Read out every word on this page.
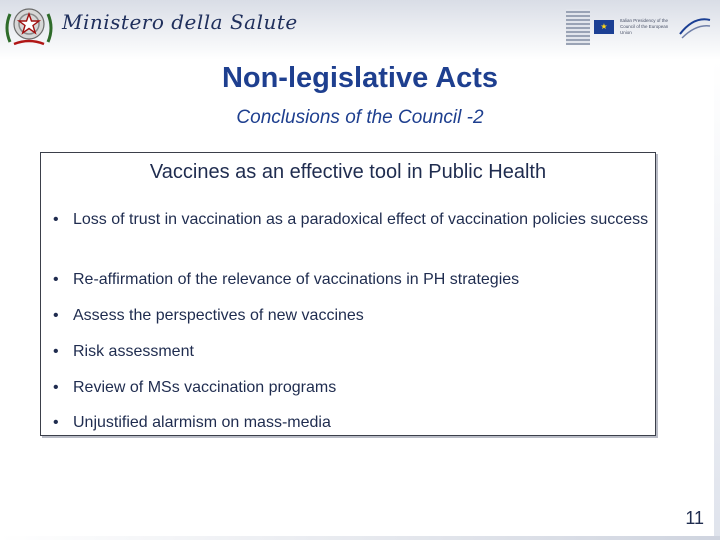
Ministero della Salute	★
Italian Presidency of the Council of the European Union
Non-legislative Acts
Conclusions of the Council -2
Vaccines as an effective tool in Public Health
• Loss of trust in vaccination as a paradoxical effect of vaccination policies success
• Re-affirmation of the relevance of vaccinations in PH strategies
• Assess the perspectives of new vaccines
• Risk assessment
• Review of MSs vaccination programs
• Unjustified alarmism on mass-media
11
